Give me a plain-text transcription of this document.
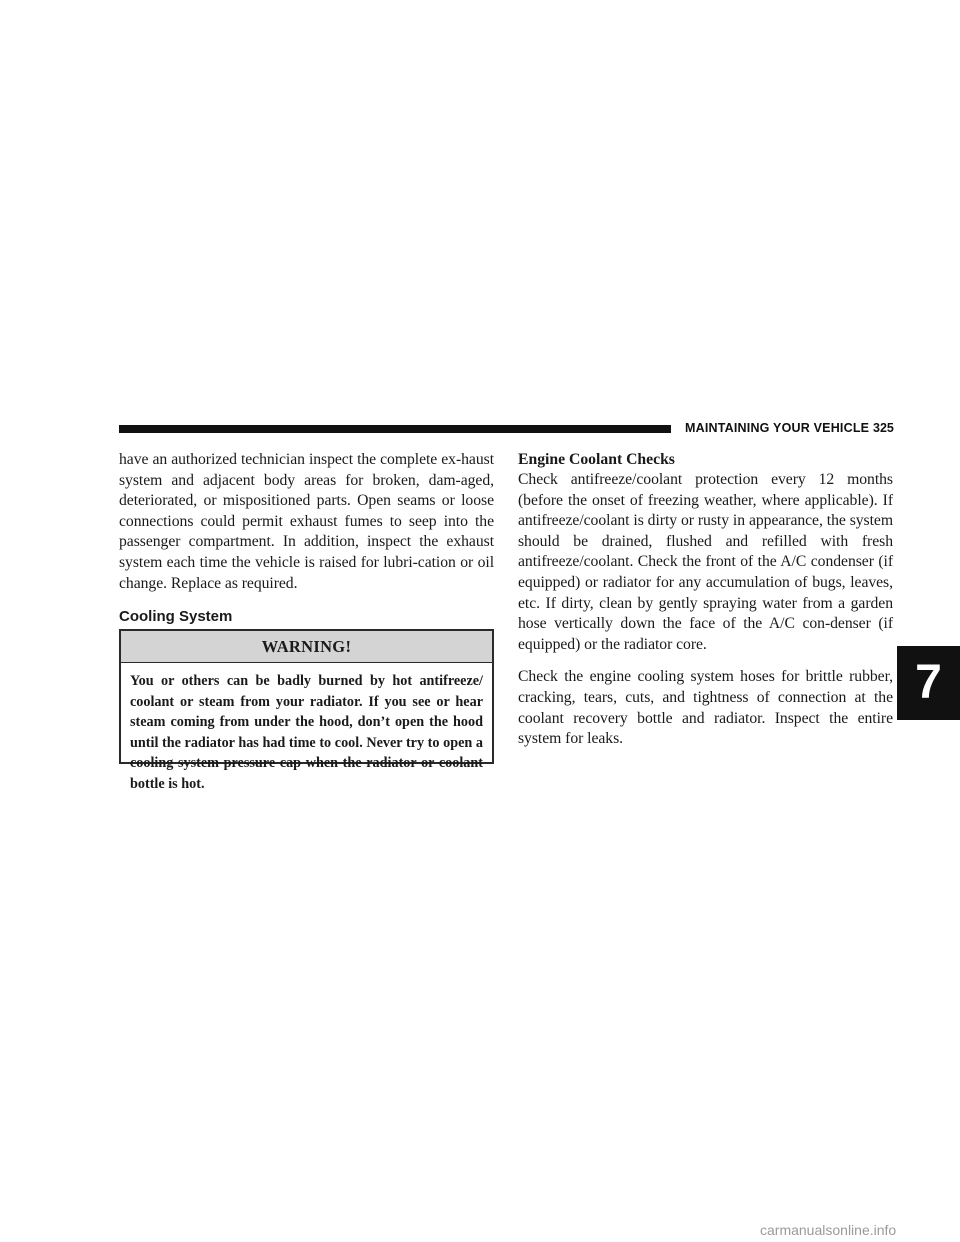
MAINTAINING YOUR VEHICLE 325

have an authorized technician inspect the complete ex-haust system and adjacent body areas for broken, dam-aged, deteriorated, or mispositioned parts. Open seams or loose connections could permit exhaust fumes to seep into the passenger compartment. In addition, inspect the exhaust system each time the vehicle is raised for lubri-cation or oil change. Replace as required.

Cooling System
WARNING!

You or others can be badly burned by hot antifreeze/ coolant or steam from your radiator. If you see or hear steam coming from under the hood, don’t open the hood until the radiator has had time to cool. Never try to open a cooling system pressure cap when the radiator or coolant bottle is hot.

Engine Coolant Checks

Check antifreeze/coolant protection every 12 months (before the onset of freezing weather, where applicable). If antifreeze/coolant is dirty or rusty in appearance, the system should be drained, flushed and refilled with fresh antifreeze/coolant. Check the front of the A/C condenser (if equipped) or radiator for any accumulation of bugs, leaves, etc. If dirty, clean by gently spraying water from a garden hose vertically down the face of the A/C con-denser (if equipped) or the radiator core.

Check the engine cooling system hoses for brittle rubber, cracking, tears, cuts, and tightness of connection at the coolant recovery bottle and radiator. Inspect the entire system for leaks.

7
carmanualsonline.info
